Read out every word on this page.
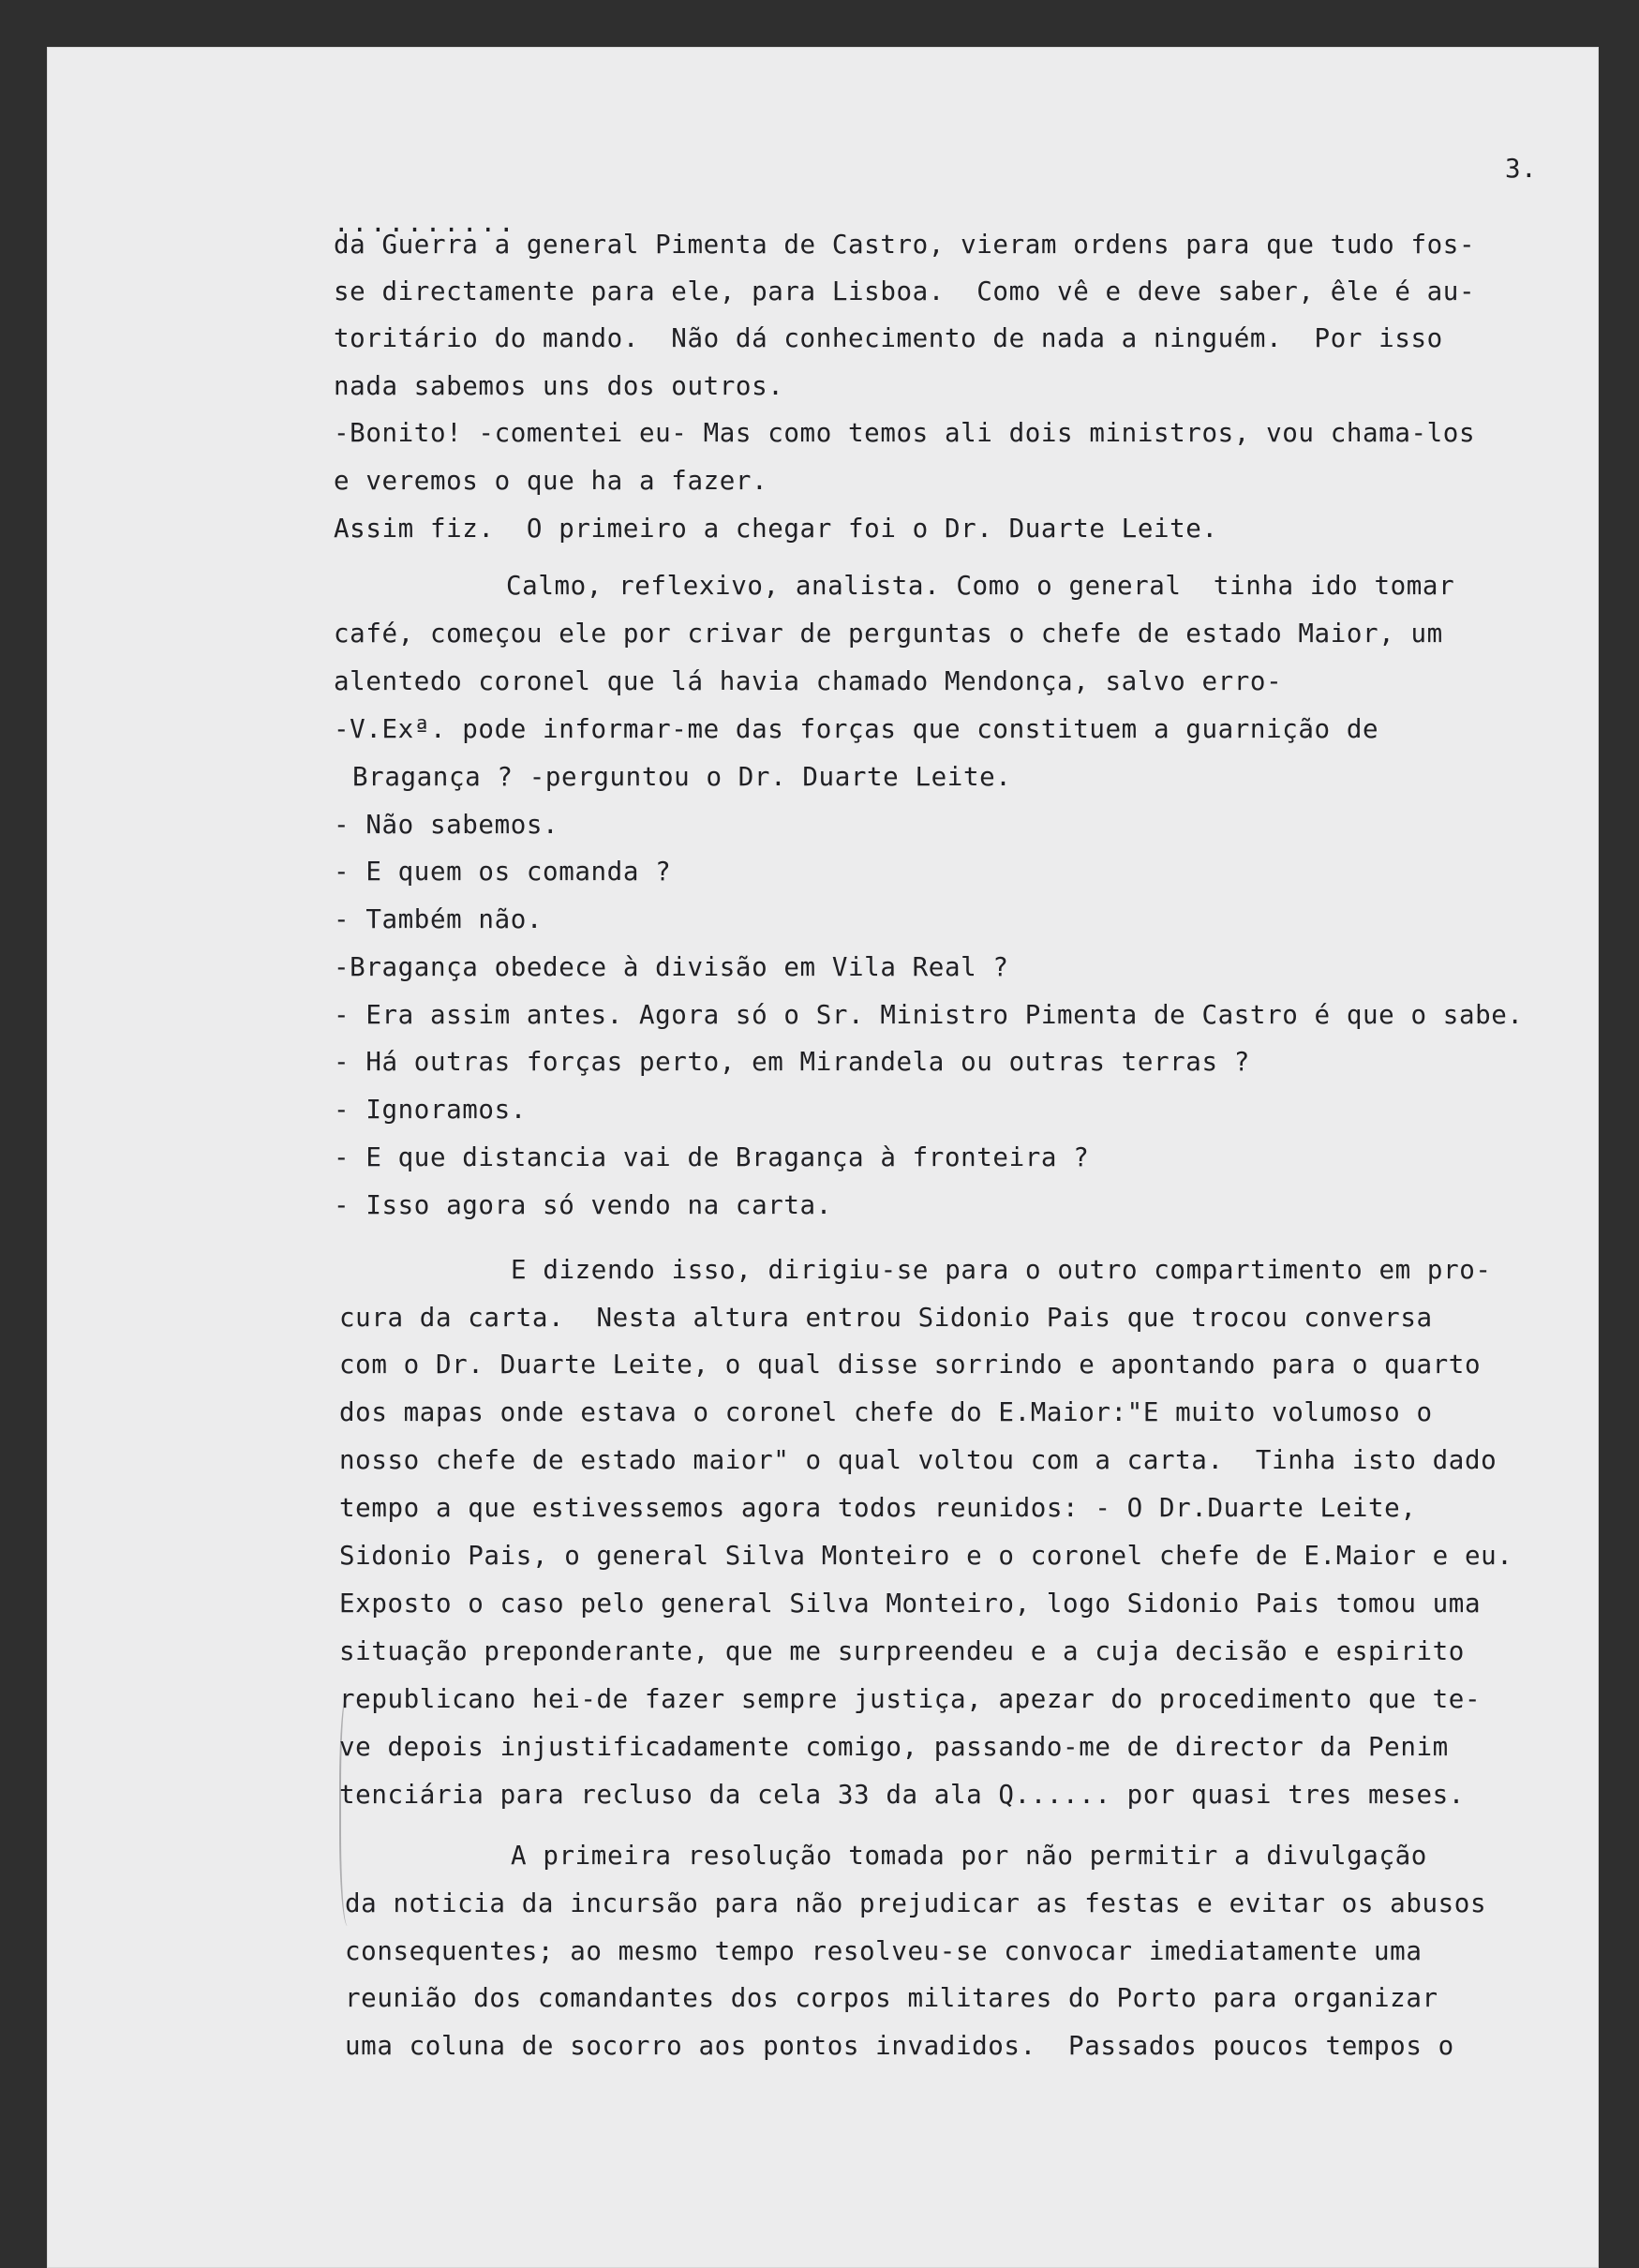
3.
..........
da Guerra a general Pimenta de Castro, vieram ordens para que tudo fos-
se directamente para ele, para Lisboa.  Como vê e deve saber, êle é au-
toritário do mando.  Não dá conhecimento de nada a ninguém.  Por isso
nada sabemos uns dos outros.
-Bonito! -comentei eu- Mas como temos ali dois ministros, vou chama-los
e veremos o que ha a fazer.
Assim fiz.  O primeiro a chegar foi o Dr. Duarte Leite.
Calmo, reflexivo, analista. Como o general  tinha ido tomar
café, começou ele por crivar de perguntas o chefe de estado Maior, um
alentedo coronel que lá havia chamado Mendonça, salvo erro-
-V.Exª. pode informar-me das forças que constituem a guarnição de
Bragança ? -perguntou o Dr. Duarte Leite.
- Não sabemos.
- E quem os comanda ?
- Também não.
-Bragança obedece à divisão em Vila Real ?
- Era assim antes. Agora só o Sr. Ministro Pimenta de Castro é que o sabe.
- Há outras forças perto, em Mirandela ou outras terras ?
- Ignoramos.
- E que distancia vai de Bragança à fronteira ?
- Isso agora só vendo na carta.
E dizendo isso, dirigiu-se para o outro compartimento em pro-
cura da carta.  Nesta altura entrou Sidonio Pais que trocou conversa
com o Dr. Duarte Leite, o qual disse sorrindo e apontando para o quarto
dos mapas onde estava o coronel chefe do E.Maior:"E muito volumoso o
nosso chefe de estado maior" o qual voltou com a carta.  Tinha isto dado
tempo a que estivessemos agora todos reunidos: - O Dr.Duarte Leite,
Sidonio Pais, o general Silva Monteiro e o coronel chefe de E.Maior e eu.
Exposto o caso pelo general Silva Monteiro, logo Sidonio Pais tomou uma
situação preponderante, que me surpreendeu e a cuja decisão e espirito
republicano hei-de fazer sempre justiça, apezar do procedimento que te-
ve depois injustificadamente comigo, passando-me de director da Penim
tenciária para recluso da cela 33 da ala Q...... por quasi tres meses.
A primeira resolução tomada por não permitir a divulgação
da noticia da incursão para não prejudicar as festas e evitar os abusos
consequentes; ao mesmo tempo resolveu-se convocar imediatamente uma
reunião dos comandantes dos corpos militares do Porto para organizar
uma coluna de socorro aos pontos invadidos.  Passados poucos tempos o
